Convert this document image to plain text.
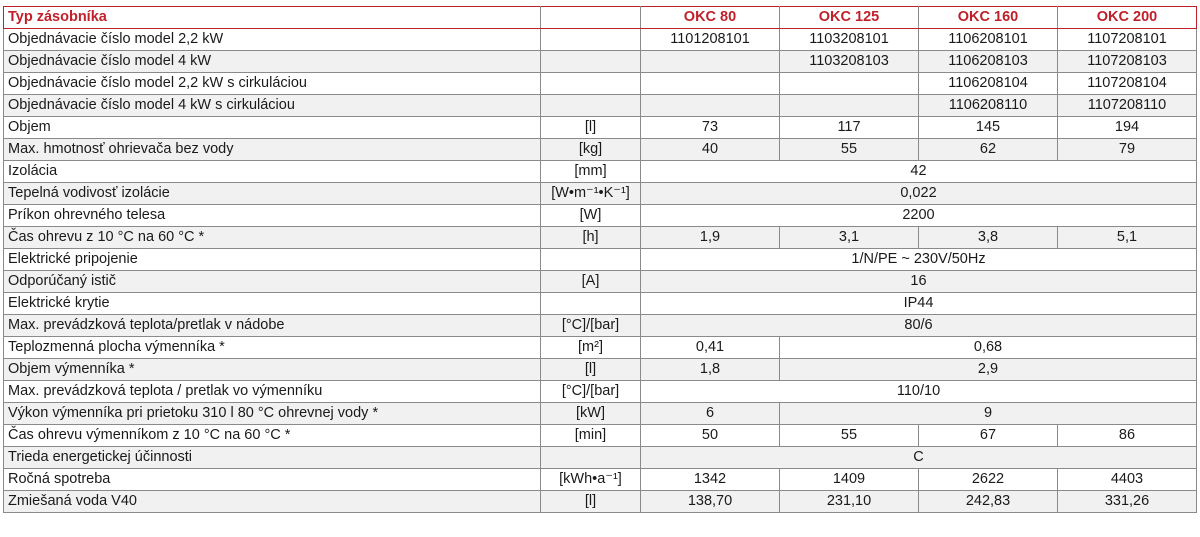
Typ zásobníka		OKC 80	OKC 125	OKC 160	OKC 200
Objednávacie číslo model 2,2 kW		1101208101	1103208101	1106208101	1107208101
Objednávacie číslo model 4 kW			1103208103	1106208103	1107208103
Objednávacie číslo model 2,2 kW s cirkuláciou				1106208104	1107208104
Objednávacie číslo model 4 kW s cirkuláciou				1106208110	1107208110
Objem	[l]	73	117	145	194
Max. hmotnosť ohrievača bez vody	[kg]	40	55	62	79
Izolácia	[mm]	42			
Tepelná vodivosť izolácie	[W•m⁻¹•K⁻¹]	0,022			
Príkon ohrevného telesa	[W]	2200			
Čas ohrevu z 10 °C na 60 °C *	[h]	1,9	3,1	3,8	5,1
Elektrické pripojenie		1/N/PE ~ 230V/50Hz			
Odporúčaný istič	[A]	16			
Elektrické krytie		IP44			
Max. prevádzková teplota/pretlak v nádobe	[°C]/[bar]	80/6			
Teplozmenná plocha výmenníka *	[m²]	0,41	0,68		
Objem výmenníka *	[l]	1,8	2,9		
Max. prevádzková teplota / pretlak vo výmenníku	[°C]/[bar]	110/10			
Výkon výmenníka pri prietoku 310 l 80 °C ohrevnej vody *	[kW]	6	9		
Čas ohrevu výmenníkom z 10 °C na 60 °C *	[min]	50	55	67	86
Trieda energetickej účinnosti		C			
Ročná spotreba	[kWh•a⁻¹]	1342	1409	2622	4403
Zmiešaná voda V40	[l]	138,70	231,10	242,83	331,26
